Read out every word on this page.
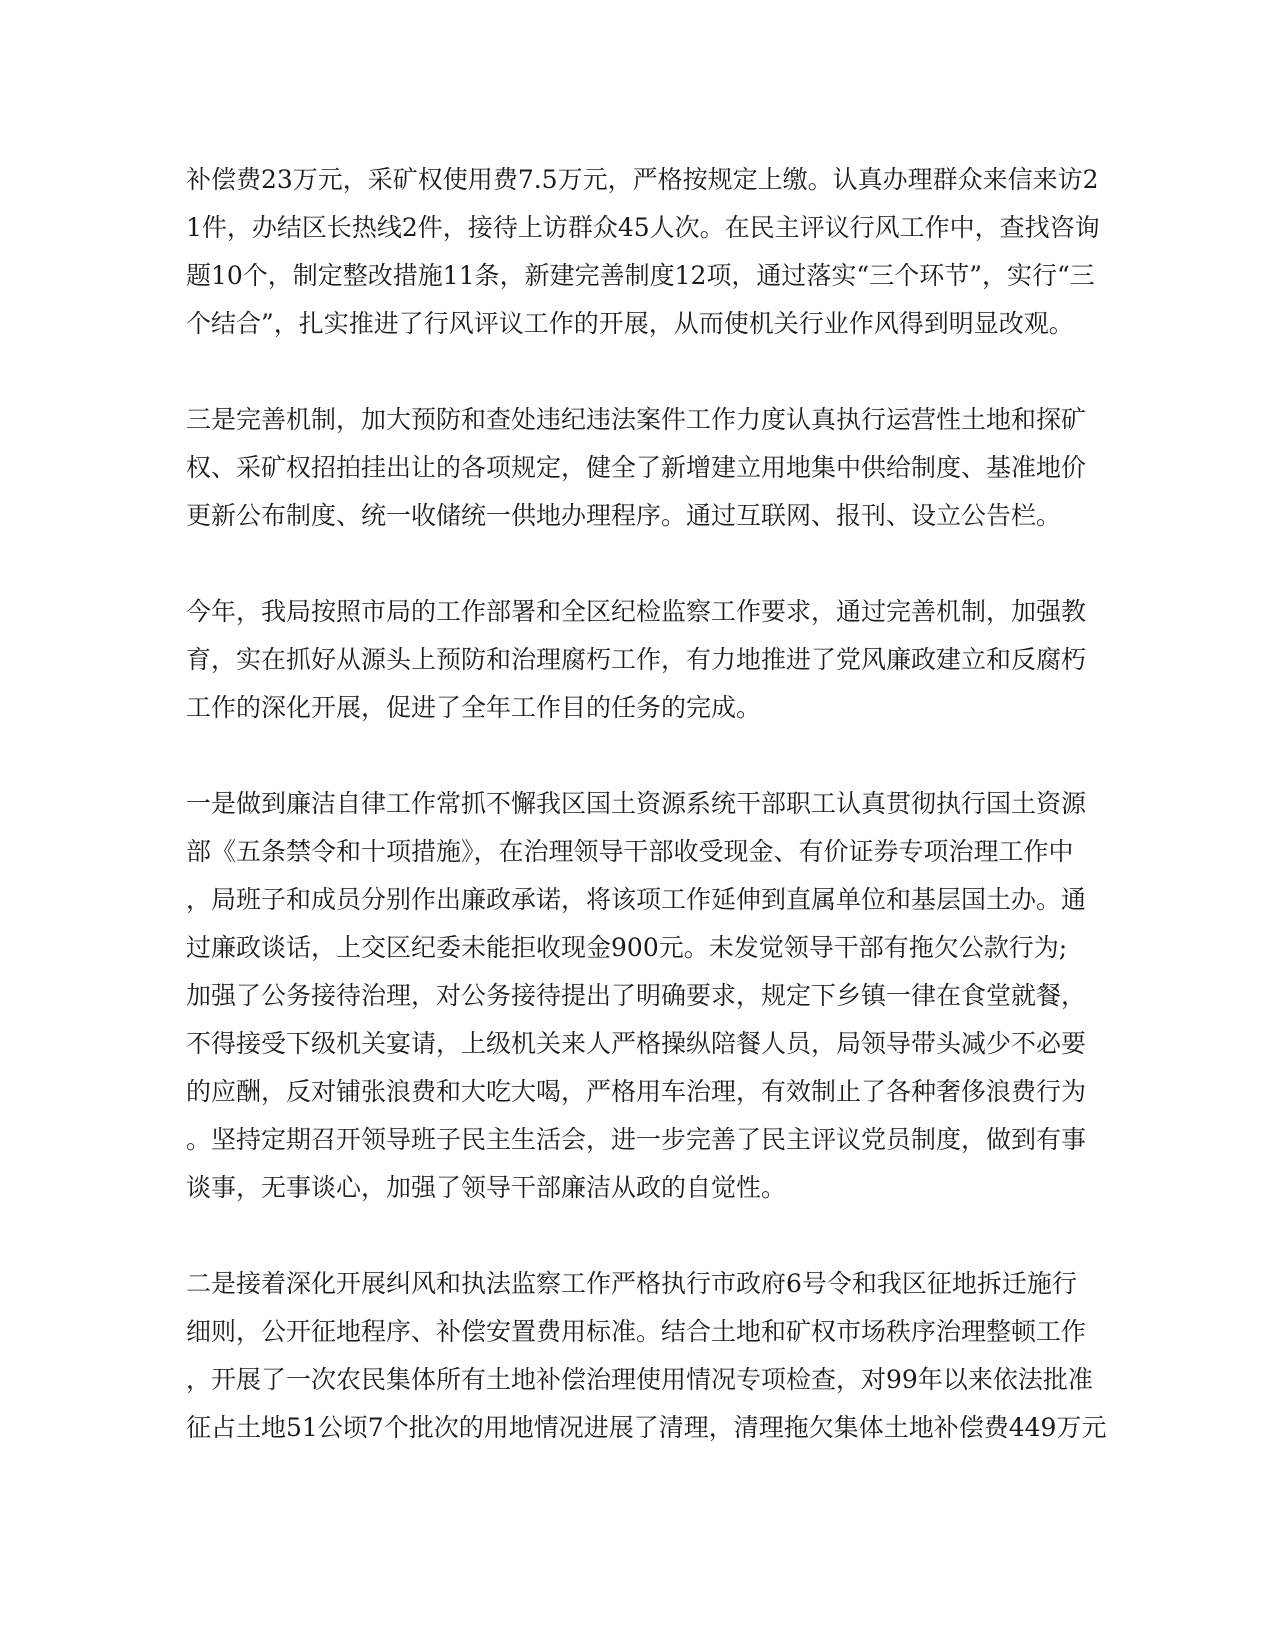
补偿费23万元，采矿权使用费7.5万元，严格按规定上缴。认真办理群众来信来访2
1件，办结区长热线2件，接待上访群众45人次。在民主评议行风工作中，查找咨询
题10个，制定整改措施11条，新建完善制度12项，通过落实“三个环节”，实行“三
个结合”，扎实推进了行风评议工作的开展，从而使机关行业作风得到明显改观。

三是完善机制，加大预防和查处违纪违法案件工作力度认真执行运营性土地和探矿
权、采矿权招拍挂出让的各项规定，健全了新增建立用地集中供给制度、基准地价
更新公布制度、统一收储统一供地办理程序。通过互联网、报刊、设立公告栏。

今年，我局按照市局的工作部署和全区纪检监察工作要求，通过完善机制，加强教
育，实在抓好从源头上预防和治理腐朽工作，有力地推进了党风廉政建立和反腐朽
工作的深化开展，促进了全年工作目的任务的完成。

一是做到廉洁自律工作常抓不懈我区国土资源系统干部职工认真贯彻执行国土资源
部《五条禁令和十项措施》，在治理领导干部收受现金、有价证券专项治理工作中
，局班子和成员分别作出廉政承诺，将该项工作延伸到直属单位和基层国土办。通
过廉政谈话，上交区纪委未能拒收现金900元。未发觉领导干部有拖欠公款行为;
加强了公务接待治理，对公务接待提出了明确要求，规定下乡镇一律在食堂就餐，
不得接受下级机关宴请，上级机关来人严格操纵陪餐人员，局领导带头减少不必要
的应酬，反对铺张浪费和大吃大喝，严格用车治理，有效制止了各种奢侈浪费行为
。坚持定期召开领导班子民主生活会，进一步完善了民主评议党员制度，做到有事
谈事，无事谈心，加强了领导干部廉洁从政的自觉性。

二是接着深化开展纠风和执法监察工作严格执行市政府6号令和我区征地拆迁施行
细则，公开征地程序、补偿安置费用标准。结合土地和矿权市场秩序治理整顿工作
，开展了一次农民集体所有土地补偿治理使用情况专项检查，对99年以来依法批准
征占土地51公顷7个批次的用地情况进展了清理，清理拖欠集体土地补偿费449万元
